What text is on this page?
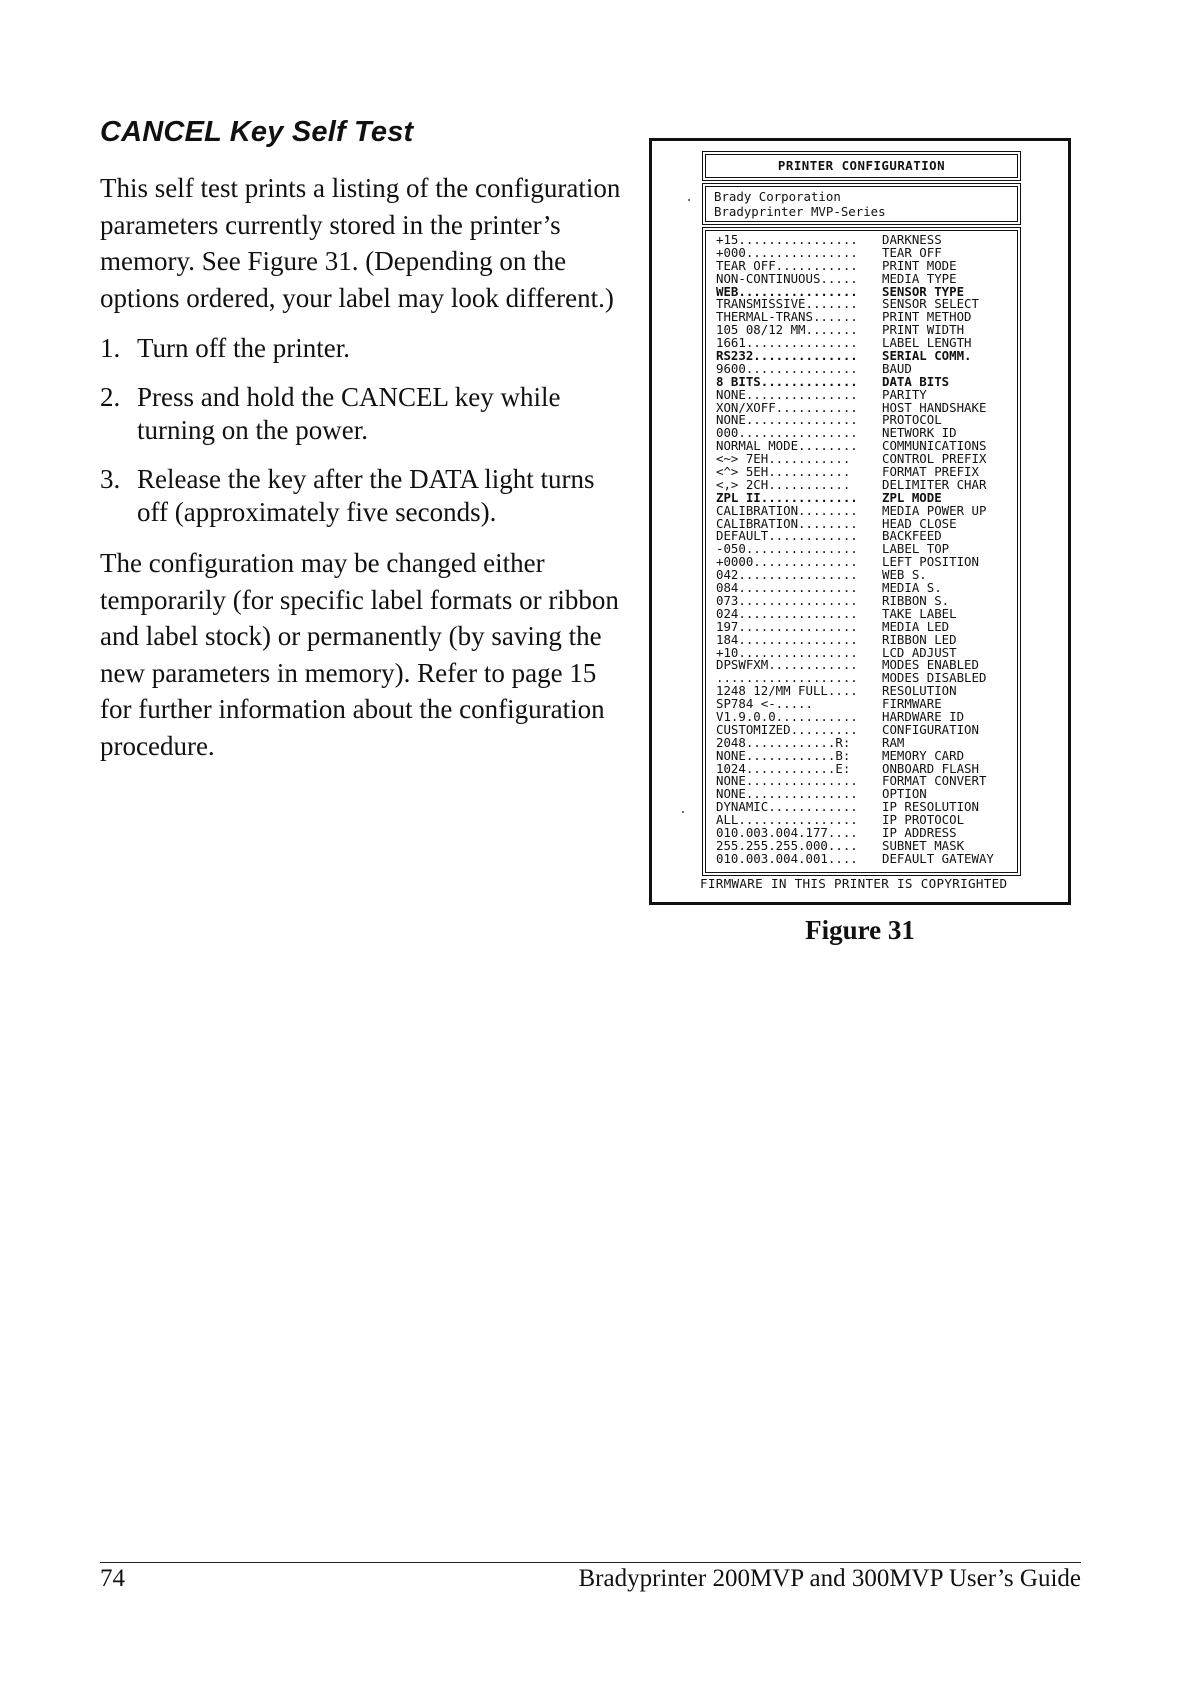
CANCEL Key Self Test

This self test prints a listing of the configuration parameters currently stored in the printer’s memory. See Figure 31. (Depending on the options ordered, your label may look different.)

1. Turn off the printer.
2. Press and hold the CANCEL key while turning on the power.
3. Release the key after the DATA light turns off (approximately five seconds).

The configuration may be changed either temporarily (for specific label formats or ribbon and label stock) or permanently (by saving the new parameters in memory). Refer to page 15 for further information about the configuration procedure.

PRINTER CONFIGURATION
Brady Corporation
Bradyprinter MVP-Series
+15................	DARKNESS
+000...............	TEAR OFF
TEAR OFF...........	PRINT MODE
NON-CONTINUOUS.....	MEDIA TYPE
WEB................	SENSOR TYPE
TRANSMISSIVE.......	SENSOR SELECT
THERMAL-TRANS......	PRINT METHOD
105 08/12 MM.......	PRINT WIDTH
1661...............	LABEL LENGTH
RS232..............	SERIAL COMM.
9600...............	BAUD
8 BITS.............	DATA BITS
NONE...............	PARITY
XON/XOFF...........	HOST HANDSHAKE
NONE...............	PROTOCOL
000................	NETWORK ID
NORMAL MODE........	COMMUNICATIONS
<~> 7EH...........	CONTROL PREFIX
<^> 5EH...........	FORMAT PREFIX
<,> 2CH...........	DELIMITER CHAR
ZPL II.............	ZPL MODE
CALIBRATION........	MEDIA POWER UP
CALIBRATION........	HEAD CLOSE
DEFAULT............	BACKFEED
-050...............	LABEL TOP
+0000..............	LEFT POSITION
042................	WEB S.
084................	MEDIA S.
073................	RIBBON S.
024................	TAKE LABEL
197................	MEDIA LED
184................	RIBBON LED
+10................	LCD ADJUST
DPSWFXM............	MODES ENABLED
...................	MODES DISABLED
1248 12/MM FULL....	RESOLUTION
SP784 <-.....	FIRMWARE
V1.9.0.0...........	HARDWARE ID
CUSTOMIZED.........	CONFIGURATION
2048............R:	RAM
NONE............B:	MEMORY CARD
1024............E:	ONBOARD FLASH
NONE...............	FORMAT CONVERT
NONE...............	OPTION
DYNAMIC............	IP RESOLUTION
ALL................	IP PROTOCOL
010.003.004.177....	IP ADDRESS
255.255.255.000....	SUBNET MASK
010.003.004.001....	DEFAULT GATEWAY
FIRMWARE IN THIS PRINTER IS COPYRIGHTED
Figure 31
74	Bradyprinter 200MVP and 300MVP User’s Guide
